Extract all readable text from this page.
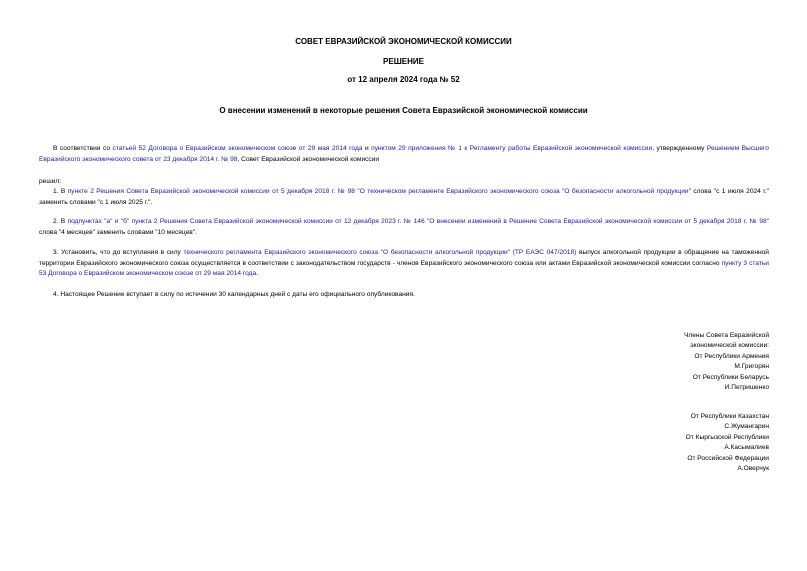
СОВЕТ ЕВРАЗИЙСКОЙ ЭКОНОМИЧЕСКОЙ КОМИССИИ
РЕШЕНИЕ
от 12 апреля 2024 года № 52
О внесении изменений в некоторые решения Совета Евразийской экономической комиссии
В соответствии со статьей 52 Договора о Евразийском экономическом союзе от 29 мая 2014 года и пунктом 29 приложения № 1 к Регламенту работы Евразийской экономической комиссии, утвержденному Решением Высшего Евразийского экономического совета от 23 декабря 2014 г. № 98, Совет Евразийской экономической комиссии
решил:
1. В пункте 2 Решения Совета Евразийской экономической комиссии от 5 декабря 2018 г. № 98 "О техническом регламенте Евразийского экономического союза "О безопасности алкогольной продукции" слова "с 1 июля 2024 г." заменить словами "с 1 июля 2025 г.".
2. В подпунктах "а" и "б" пункта 2 Решения Совета Евразийской экономической комиссии от 12 декабря 2023 г. № 146 "О внесении изменений в Решение Совета Евразийской экономической комиссии от 5 декабря 2018 г. № 98" слова "4 месяцев" заменить словами "10 месяцев".
3. Установить, что до вступления в силу технического регламента Евразийского экономического союза "О безопасности алкогольной продукции" (ТР ЕАЭС 047/2018) выпуск алкогольной продукции в обращение на таможенной территории Евразийского экономического союза осуществляется в соответствии с законодательством государств - членов Евразийского экономического союза или актами Евразийской экономической комиссии согласно пункту 3 статьи 53 Договора о Евразийском экономическом союзе от 29 мая 2014 года.
4. Настоящее Решение вступает в силу по истечении 30 календарных дней с даты его официального опубликования.
Члены Совета Евразийской
экономической комиссии:
От Республики Армения
М.Григорян
От Республики Беларусь
И.Петришенко
От Республики Казахстан
С.Жумангарин
От Кыргызской Республики
А.Касымалиев
От Российской Федерации
А.Оверчук
